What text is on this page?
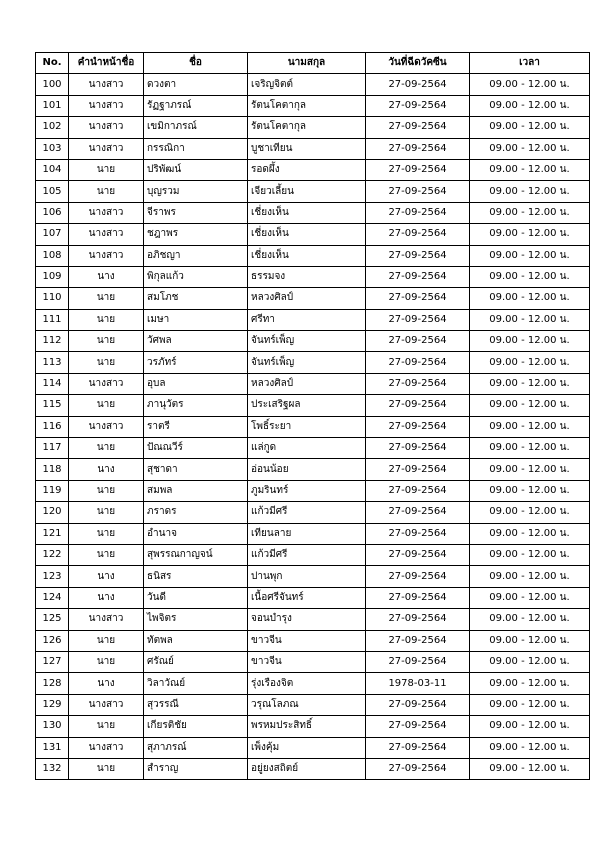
No.	คำนำหน้าชื่อ	ชื่อ	นามสกุล	วันที่ฉีดวัคซีน	เวลา
100	นางสาว	ดวงตา	เจริญจิตต์	27-09-2564	09.00 - 12.00 น.
101	นางสาว	รัฏฐาภรณ์	รัตนโคตากุล	27-09-2564	09.00 - 12.00 น.
102	นางสาว	เขมิกาภรณ์	รัตนโคตากุล	27-09-2564	09.00 - 12.00 น.
103	นางสาว	กรรณิกา	บูชาเทียน	27-09-2564	09.00 - 12.00 น.
104	นาย	ปริพัฒน์	รอดผึ้ง	27-09-2564	09.00 - 12.00 น.
105	นาย	บุญรวม	เจียวเลี้ยน	27-09-2564	09.00 - 12.00 น.
106	นางสาว	จีราพร	เชี่ยงเห็น	27-09-2564	09.00 - 12.00 น.
107	นางสาว	ชฎาพร	เชี่ยงเห็น	27-09-2564	09.00 - 12.00 น.
108	นางสาว	อภิชญา	เชี่ยงเห็น	27-09-2564	09.00 - 12.00 น.
109	นาง	พิกุลแก้ว	ธรรมจง	27-09-2564	09.00 - 12.00 น.
110	นาย	สมโภช	หลวงศิลป์	27-09-2564	09.00 - 12.00 น.
111	นาย	เมษา	ศรีทา	27-09-2564	09.00 - 12.00 น.
112	นาย	วัศพล	จันทร์เพ็ญ	27-09-2564	09.00 - 12.00 น.
113	นาย	วรภัทร์	จันทร์เพ็ญ	27-09-2564	09.00 - 12.00 น.
114	นางสาว	อุบล	หลวงศิลป์	27-09-2564	09.00 - 12.00 น.
115	นาย	ภานุวัตร	ประเสริฐผล	27-09-2564	09.00 - 12.00 น.
116	นางสาว	ราตรี	โพธิ์ระยา	27-09-2564	09.00 - 12.00 น.
117	นาย	ปัณณวีร์	แล่กูด	27-09-2564	09.00 - 12.00 น.
118	นาง	สุชาดา	อ่อนน้อย	27-09-2564	09.00 - 12.00 น.
119	นาย	สมพล	ภูมรินทร์	27-09-2564	09.00 - 12.00 น.
120	นาย	ภราดร	แก้วมีศรี	27-09-2564	09.00 - 12.00 น.
121	นาย	อำนาจ	เทียนลาย	27-09-2564	09.00 - 12.00 น.
122	นาย	สุพรรณกาญจน์	แก้วมีศรี	27-09-2564	09.00 - 12.00 น.
123	นาง	ธนิสร	ปานพุก	27-09-2564	09.00 - 12.00 น.
124	นาง	วันดี	เนื้อศรีจันทร์	27-09-2564	09.00 - 12.00 น.
125	นางสาว	ไพจิตร	จอนบำรุง	27-09-2564	09.00 - 12.00 น.
126	นาย	ทัตพล	ขาวจีน	27-09-2564	09.00 - 12.00 น.
127	นาย	ศรัณย์	ขาวจีน	27-09-2564	09.00 - 12.00 น.
128	นาง	วิลาวัณย์	รุ่งเรืองจิต	1978-03-11	09.00 - 12.00 น.
129	นางสาว	สุวรรณี	วรุณโลภณ	27-09-2564	09.00 - 12.00 น.
130	นาย	เกียรติชัย	พรหมประสิทธิ์	27-09-2564	09.00 - 12.00 น.
131	นางสาว	สุภาภรณ์	เพ็งคุ้ม	27-09-2564	09.00 - 12.00 น.
132	นาย	สำราญ	อยู่ยงสถิตย์	27-09-2564	09.00 - 12.00 น.
